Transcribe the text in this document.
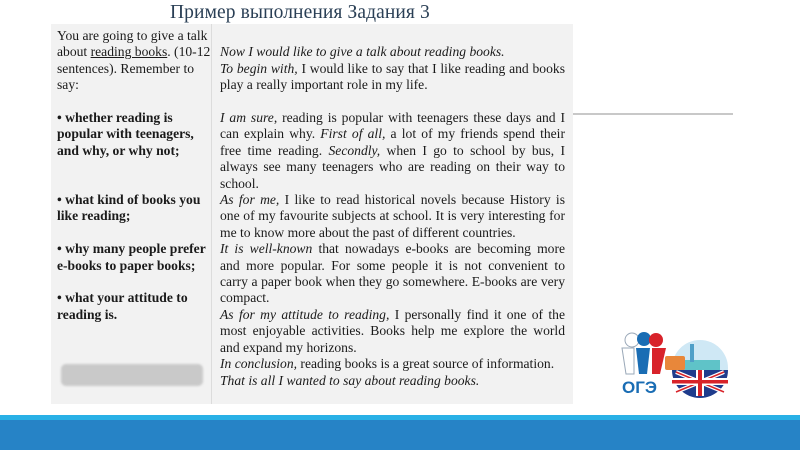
Пример выполнения Задания 3

You are going to give a talk about reading books. (10-12 sentences). Remember to say:

• whether reading is popular with teenagers, and why, or why not;

• what kind of books you like reading;

• why many people prefer e-books to paper books;

• what your attitude to reading is.

Now I would like to give a talk about reading books.

To begin with, I would like to say that I like reading and books play a really important role in my life.

I am sure, reading is popular with teenagers these days and I can explain why. First of all, a lot of my friends spend their free time reading. Secondly, when I go to school by bus, I always see many teenagers who are reading on their way to school.

As for me, I like to read historical novels because History is one of my favourite subjects at school. It is very interesting for me to know more about the past of different countries.

It is well-known that nowadays e-books are becoming more and more popular. For some people it is not convenient to carry a paper book when they go somewhere. E-books are very compact.

As for my attitude to reading, I personally find it one of the most enjoyable activities. Books help me explore the world and expand my horizons.

In conclusion, reading books is a great source of information.

That is all I wanted to say about reading books.	ОГЭ
